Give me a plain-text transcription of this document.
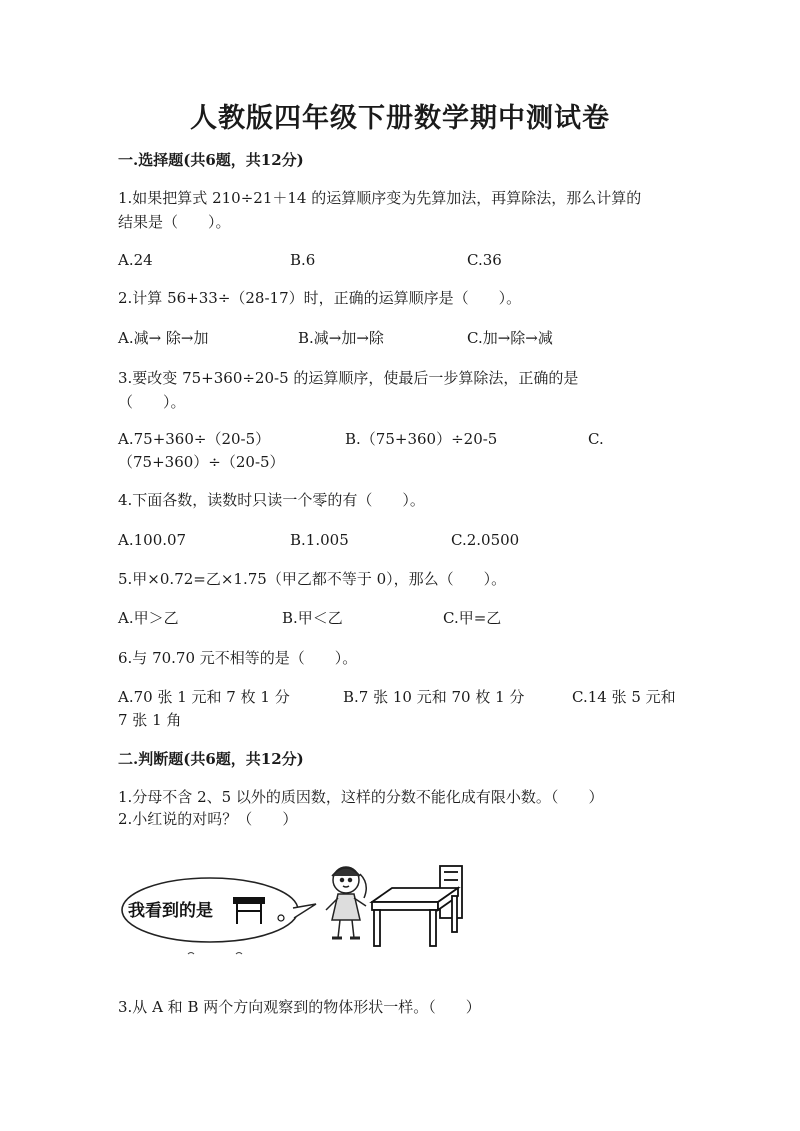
人教版四年级下册数学期中测试卷
一.选择题(共6题，共12分)
1.如果把算式 210÷21＋14 的运算顺序变为先算加法，再算除法，那么计算的
结果是（　　）。
A.24	B.6	C.36
2.计算 56+33÷（28-17）时，正确的运算顺序是（　　）。
A.减→ 除→加	B.减→加→除	C.加→除→减
3.要改变 75+360÷20-5 的运算顺序，使最后一步算除法，正确的是
（　　）。
A.75+360÷（20-5）	B.（75+360）÷20-5	C.
（75+360）÷（20-5）
4.下面各数，读数时只读一个零的有（　　）。
A.100.07	B.1.005	C.2.0500
5.甲×0.72=乙×1.75（甲乙都不等于 0），那么（　　）。
A.甲＞乙	B.甲＜乙	C.甲=乙
6.与 70.70 元不相等的是（　　）。
A.70 张 1 元和 7 枚 1 分	B.7 张 10 元和 70 枚 1 分	C.14 张 5 元和
7 张 1 角
二.判断题(共6题，共12分)
1.分母不含 2、5 以外的质因数，这样的分数不能化成有限小数。（　　）
2.小红说的对吗？（　　）
我看到的是
3.从 A 和 B 两个方向观察到的物体形状一样。（　　）
